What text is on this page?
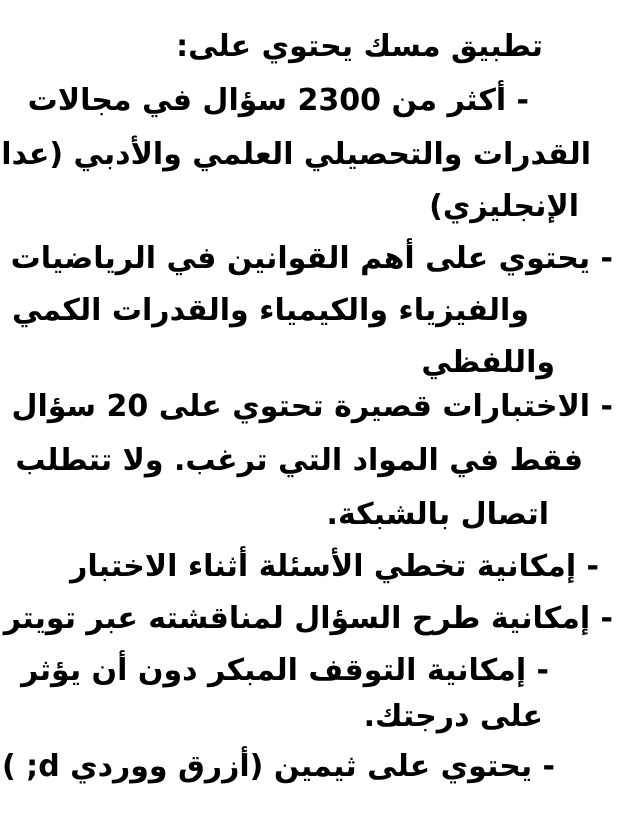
تطبيق مسك يحتوي على:
- أكثر من 2300 سؤال في مجالات
القدرات والتحصيلي العلمي والأدبي (عدا
الإنجليزي)
- يحتوي على أهم القوانين في الرياضيات
والفيزياء والكيمياء والقدرات الكمي
واللفظي
- الاختبارات قصيرة تحتوي على 20 سؤال
فقط في المواد التي ترغب. ولا تتطلب
اتصال بالشبكة.
- إمكانية تخطي الأسئلة أثناء الاختبار
- إمكانية طرح السؤال لمناقشته عبر تويتر
- إمكانية التوقف المبكر دون أن يؤثر
على درجتك.
- يحتوي على ثيمين (أزرق ووردي d; )
